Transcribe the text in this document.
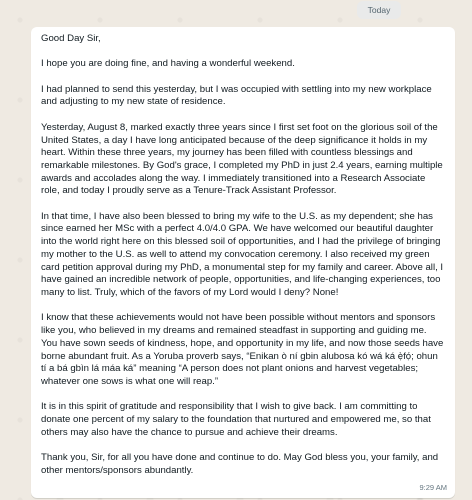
Today

Good Day Sir,

I hope you are doing fine, and having a wonderful weekend.

I had planned to send this yesterday, but I was occupied with settling into my new workplace and adjusting to my new state of residence.

Yesterday, August 8, marked exactly three years since I first set foot on the glorious soil of the United States, a day I have long anticipated because of the deep significance it holds in my heart. Within these three years, my journey has been filled with countless blessings and remarkable milestones. By God's grace, I completed my PhD in just 2.4 years, earning multiple awards and accolades along the way. I immediately transitioned into a Research Associate role, and today I proudly serve as a Tenure-Track Assistant Professor.

In that time, I have also been blessed to bring my wife to the U.S. as my dependent; she has since earned her MSc with a perfect 4.0/4.0 GPA. We have welcomed our beautiful daughter into the world right here on this blessed soil of opportunities, and I had the privilege of bringing my mother to the U.S. as well to attend my convocation ceremony. I also received my green card petition approval during my PhD, a monumental step for my family and career. Above all, I have gained an incredible network of people, opportunities, and life-changing experiences, too many to list. Truly, which of the favors of my Lord would I deny? None!

I know that these achievements would not have been possible without mentors and sponsors like you, who believed in my dreams and remained steadfast in supporting and guiding me. You have sown seeds of kindness, hope, and opportunity in my life, and now those seeds have borne abundant fruit. As a Yoruba proverb says, “Enikan ò ní gbin alubosa kó wá ká ẹ̀fọ́; ohun tí a bá gbìn lá máa ká” meaning “A person does not plant onions and harvest vegetables; whatever one sows is what one will reap.”

It is in this spirit of gratitude and responsibility that I wish to give back. I am committing to donate one percent of my salary to the foundation that nurtured and empowered me, so that others may also have the chance to pursue and achieve their dreams.

Thank you, Sir, for all you have done and continue to do. May God bless you, your family, and other mentors/sponsors abundantly.

9:29 AM
